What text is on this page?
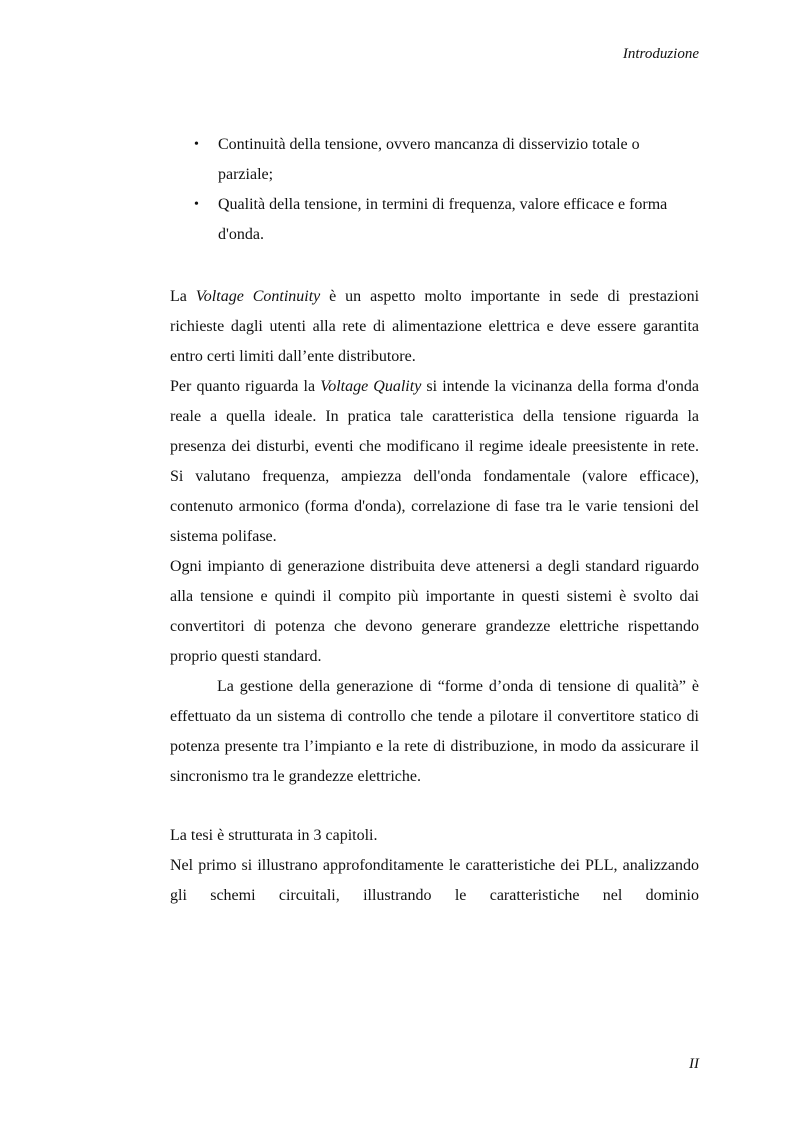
Introduzione
• Continuità della tensione, ovvero mancanza di disservizio totale o parziale;
• Qualità della tensione, in termini di frequenza, valore efficace e forma d'onda.

La Voltage Continuity è un aspetto molto importante in sede di prestazioni richieste dagli utenti alla rete di alimentazione elettrica e deve essere garantita entro certi limiti dall’ente distributore.

Per quanto riguarda la Voltage Quality si intende la vicinanza della forma d'onda reale a quella ideale. In pratica tale caratteristica della tensione riguarda la presenza dei disturbi, eventi che modificano il regime ideale preesistente in rete. Si valutano frequenza, ampiezza dell'onda fondamentale (valore efficace), contenuto armonico (forma d'onda), correlazione di fase tra le varie tensioni del sistema polifase.

Ogni impianto di generazione distribuita deve attenersi a degli standard riguardo alla tensione e quindi il compito più importante in questi sistemi è svolto dai convertitori di potenza che devono generare grandezze elettriche rispettando proprio questi standard.

La gestione della generazione di “forme d’onda di tensione di qualità” è effettuato da un sistema di controllo che tende a pilotare il convertitore statico di potenza presente tra l’impianto e la rete di distribuzione, in modo da assicurare il sincronismo tra le grandezze elettriche.

La tesi è strutturata in 3 capitoli.

Nel primo si illustrano approfonditamente le caratteristiche dei PLL, analizzando gli schemi circuitali, illustrando le caratteristiche nel dominio

II
